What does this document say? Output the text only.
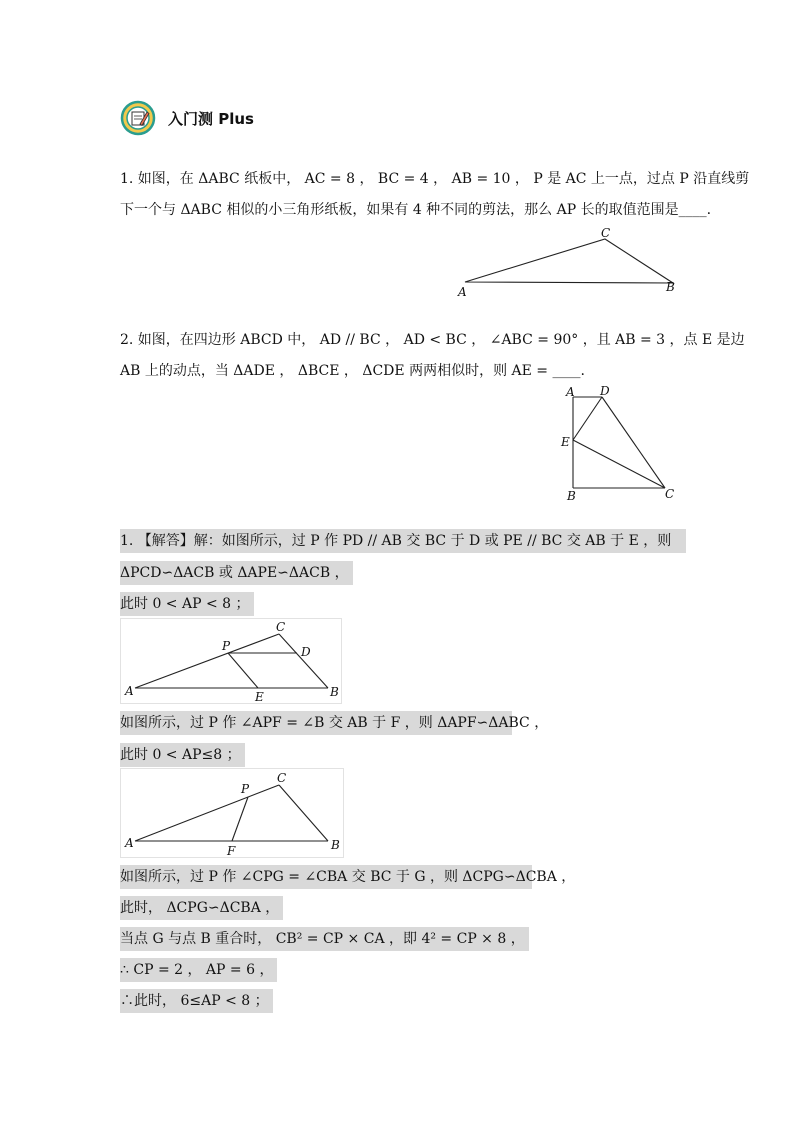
入门测 Plus
1. 如图，在 ΔABC 纸板中， AC = 8 ， BC = 4 ， AB = 10 ， P 是 AC 上一点，过点 P 沿直线剪
下一个与 ΔABC 相似的小三角形纸板，如果有 4 种不同的剪法，那么 AP 长的取值范围是____.
C
A	B
2. 如图，在四边形 ABCD 中， AD // BC ， AD < BC ， ∠ABC = 90° ，且 AB = 3 ，点 E 是边
AB 上的动点，当 ΔADE ， ΔBCE ， ΔCDE 两两相似时，则 AE = ____.
A D
E
B	C
1. 【解答】解：如图所示，过 P 作 PD // AB 交 BC 于 D 或 PE // BC 交 AB 于 E ，则
ΔPCD∽ΔACB 或 ΔAPE∽ΔACB ，
此时 0 < AP < 8 ；
C
P	D
A	E	B
如图所示，过 P 作 ∠APF = ∠B 交 AB 于 F ，则 ΔAPF∽ΔABC ，
此时 0 < AP≤8 ；
C
P
A
F	B
如图所示，过 P 作 ∠CPG = ∠CBA 交 BC 于 G ，则 ΔCPG∽ΔCBA ，
此时， ΔCPG∽ΔCBA ，
当点 G 与点 B 重合时， CB² = CP × CA ，即 4² = CP × 8 ，
∴ CP = 2 ， AP = 6 ，
∴此时， 6≤AP < 8 ；
